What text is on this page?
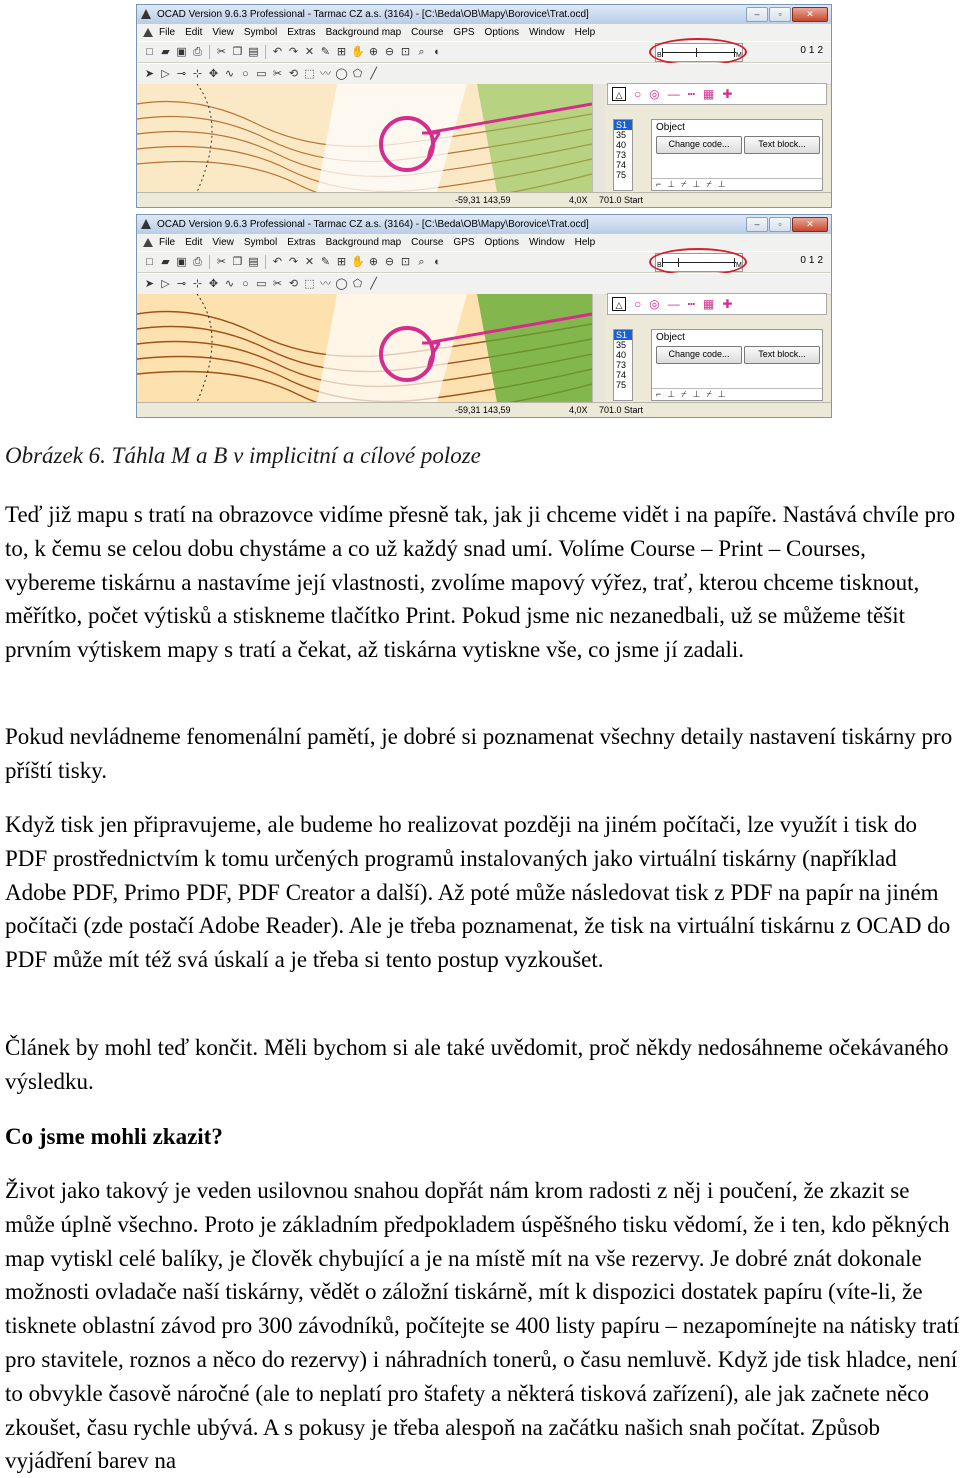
OCAD Version 9.6.3 Professional - Tarmac CZ a.s. (3164) - [C:\Beda\OB\Mapy\Borovice\Trat.ocd]	–	▫	✕
File Edit View Symbol Extras Background map Course GPS Options Window Help
□ ▰ ▣ ⎙ ✂ ❐ ▤ ↶ ↷ ✕ ✎ ⊞ ✋ ⊕ ⊖ ⊡ ⌕ ◐	B	M	0 1 2
➤ ▷ ⊸ ⊹ ✥ ∿ ○ ▭ ✂ ⟲ ⬚ 〰 ◯ ⬠ ╱
7
△ ○ ◎ ― ┅ ▦ ✚
S1
35
40
73
74
75
Object
Change code...	Text block...
⌐ ⊥ ⌿ ⊥ ⌿ ⊥
-59,31 143,59	4,0X 701.0 Start
OCAD Version 9.6.3 Professional - Tarmac CZ a.s. (3164) - [C:\Beda\OB\Mapy\Borovice\Trat.ocd]	–	▫	✕
File Edit View Symbol Extras Background map Course GPS Options Window Help
□ ▰ ▣ ⎙ ✂ ❐ ▤ ↶ ↷ ✕ ✎ ⊞ ✋ ⊕ ⊖ ⊡ ⌕ ◐	B	M	0 1 2
➤ ▷ ⊸ ⊹ ✥ ∿ ○ ▭ ✂ ⟲ ⬚ 〰 ◯ ⬠ ╱
7
△ ○ ◎ ― ┅ ▦ ✚
S1
35
40
73
74
75
Object
Change code...	Text block...
⌐ ⊥ ⌿ ⊥ ⌿ ⊥
-59,31 143,59	4,0X 701.0 Start

Obrázek 6. Táhla M a B v implicitní a cílové poloze

Teď již mapu s tratí na obrazovce vidíme přesně tak, jak ji chceme vidět i na papíře. Nastává chvíle pro to, k čemu se celou dobu chystáme a co už každý snad umí. Volíme Course – Print – Courses, vybereme tiskárnu a nastavíme její vlastnosti, zvolíme mapový výřez, trať, kterou chceme tisknout, měřítko, počet výtisků a stiskneme tlačítko Print. Pokud jsme nic nezanedbali, už se můžeme těšit prvním výtiskem mapy s tratí a čekat, až tiskárna vytiskne vše, co jsme jí zadali.

Pokud nevládneme fenomenální pamětí, je dobré si poznamenat všechny detaily nastavení tiskárny pro příští tisky.

Když tisk jen připravujeme, ale budeme ho realizovat později na jiném počítači, lze využít i tisk do PDF prostřednictvím k tomu určených programů instalovaných jako virtuální tiskárny (například Adobe PDF, Primo PDF, PDF Creator a další). Až poté může následovat tisk z PDF na papír na jiném počítači (zde postačí Adobe Reader). Ale je třeba poznamenat, že tisk na virtuální tiskárnu z OCAD do PDF může mít též svá úskalí a je třeba si tento postup vyzkoušet.

Článek by mohl teď končit. Měli bychom si ale také uvědomit, proč někdy nedosáhneme očekávaného výsledku.

Co jsme mohli zkazit?

Život jako takový je veden usilovnou snahou dopřát nám krom radosti z něj i poučení, že zkazit se může úplně všechno. Proto je základním předpokladem úspěšného tisku vědomí, že i ten, kdo pěkných map vytiskl celé balíky, je člověk chybující a je na místě mít na vše rezervy. Je dobré znát dokonale možnosti ovladače naší tiskárny, vědět o záložní tiskárně, mít k dispozici dostatek papíru (víte-li, že tisknete oblastní závod pro 300 závodníků, počítejte se 400 listy papíru – nezapomínejte na nátisky tratí pro stavitele, roznos a něco do rezervy) i náhradních tonerů, o času nemluvě. Když jde tisk hladce, není to obvykle časově náročné (ale to neplatí pro štafety a některá tisková zařízení), ale jak začnete něco zkoušet, času rychle ubývá. A s pokusy je třeba alespoň na začátku našich snah počítat. Způsob vyjádření barev na
